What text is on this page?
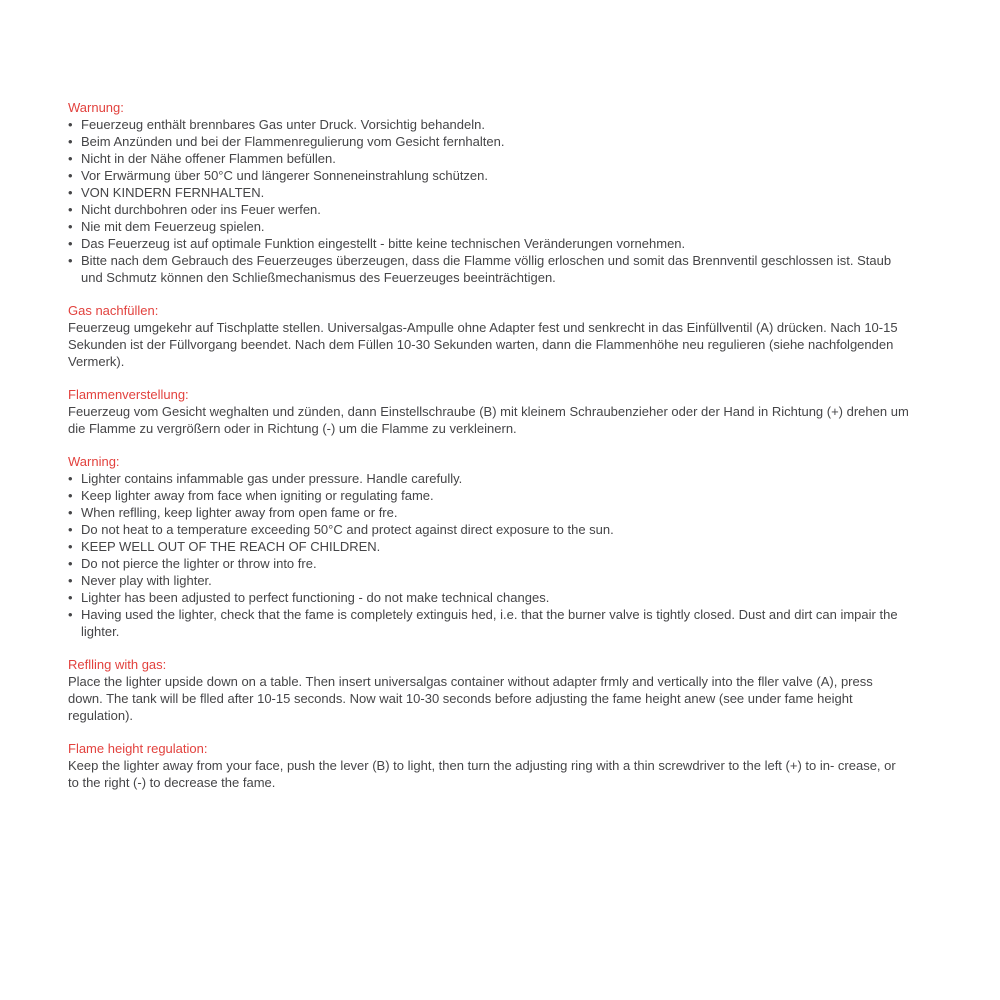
Warnung:
• Feuerzeug enthält brennbares Gas unter Druck. Vorsichtig behandeln.
• Beim Anzünden und bei der Flammenregulierung vom Gesicht fernhalten.
• Nicht in der Nähe offener Flammen befüllen.
• Vor Erwärmung über 50°C und längerer Sonneneinstrahlung schützen.
• VON KINDERN FERNHALTEN.
• Nicht durchbohren oder ins Feuer werfen.
• Nie mit dem Feuerzeug spielen.
• Das Feuerzeug ist auf optimale Funktion eingestellt - bitte keine technischen Veränderungen vornehmen.
• Bitte nach dem Gebrauch des Feuerzeuges überzeugen, dass die Flamme völlig erloschen und somit das Brennventil geschlossen ist. Staub und Schmutz können den Schließmechanismus des Feuerzeuges beeinträchtigen.
Gas nachfüllen:

Feuerzeug umgekehr auf Tischplatte stellen. Universalgas-Ampulle ohne Adapter fest und senkrecht in das Einfüllventil (A) drücken. Nach 10-15 Sekunden ist der Füllvorgang beendet. Nach dem Füllen 10-30 Sekunden warten, dann die Flammenhöhe neu regulieren (siehe nachfolgenden Vermerk).

Flammenverstellung:

Feuerzeug vom Gesicht weghalten und zünden, dann Einstellschraube (B) mit kleinem Schraubenzieher oder der Hand in Richtung (+) drehen um die Flamme zu vergrößern oder in Richtung (-) um die Flamme zu verkleinern.

Warning:
• Lighter contains infammable gas under pressure. Handle carefully.
• Keep lighter away from face when igniting or regulating fame.
• When reflling, keep lighter away from open fame or fre.
• Do not heat to a temperature exceeding 50°C and protect against direct exposure to the sun.
• KEEP WELL OUT OF THE REACH OF CHILDREN.
• Do not pierce the lighter or throw into fre.
• Never play with lighter.
• Lighter has been adjusted to perfect functioning - do not make technical changes.
• Having used the lighter, check that the fame is completely extinguis hed, i.e. that the burner valve is tightly closed. Dust and dirt can impair the lighter.
Reflling with gas:

Place the lighter upside down on a table. Then insert universalgas container without adapter frmly and vertically into the fller valve (A), press down. The tank will be flled after 10-15 seconds. Now wait 10-30 seconds before adjusting the fame height anew (see under fame height regulation).

Flame height regulation:

Keep the lighter away from your face, push the lever (B) to light, then turn the adjusting ring with a thin screwdriver to the left (+) to in- crease, or to the right (-) to decrease the fame.
